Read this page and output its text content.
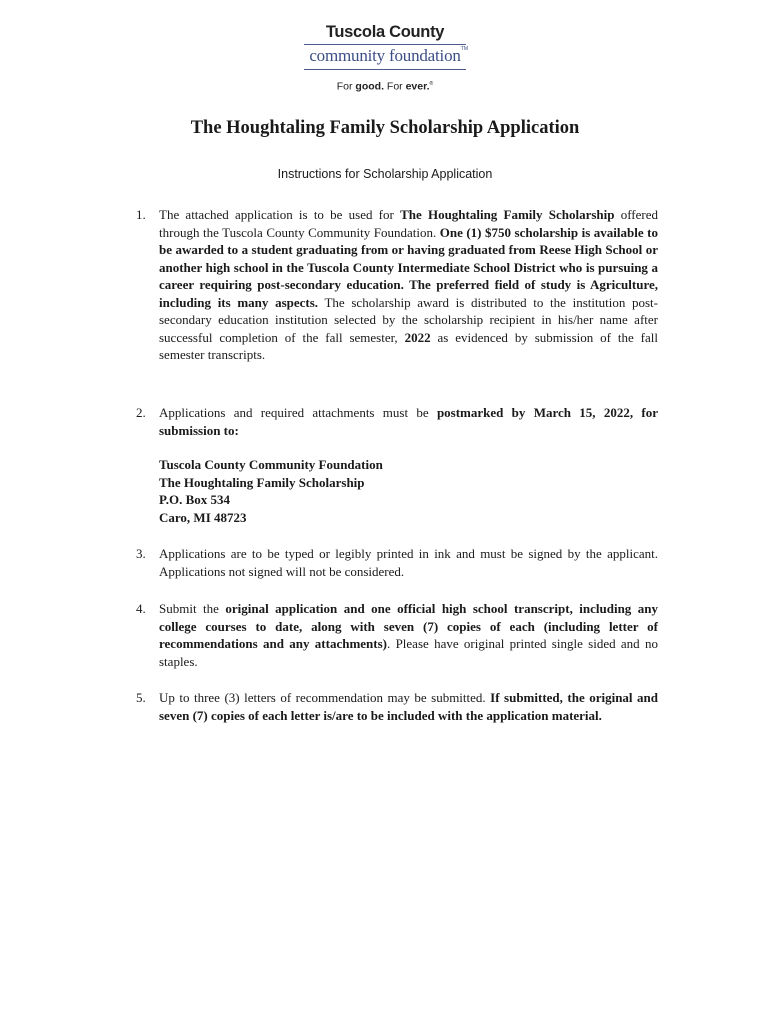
Tuscola County
community foundation TM
For good. For ever.®
The Houghtaling Family Scholarship Application
Instructions for Scholarship Application
1.	The attached application is to be used for The Houghtaling Family Scholarship offered through the Tuscola County Community Foundation. One (1) $750 scholarship is available to be awarded to a student graduating from or having graduated from Reese High School or another high school in the Tuscola County Intermediate School District who is pursuing a career requiring post-secondary education. The preferred field of study is Agriculture, including its many aspects. The scholarship award is distributed to the institution post-secondary education institution selected by the scholarship recipient in his/her name after successful completion of the fall semester, 2022 as evidenced by submission of the fall semester transcripts.
2.	Applications and required attachments must be postmarked by March 15, 2022, for submission to:
3.	Applications are to be typed or legibly printed in ink and must be signed by the applicant. Applications not signed will not be considered.
4.	Submit the original application and one official high school transcript, including any college courses to date, along with seven (7) copies of each (including letter of recommendations and any attachments). Please have original printed single sided and no staples.
5.	Up to three (3) letters of recommendation may be submitted. If submitted, the original and seven (7) copies of each letter is/are to be included with the application material.
Tuscola County Community Foundation
The Houghtaling Family Scholarship
P.O. Box 534
Caro, MI 48723
